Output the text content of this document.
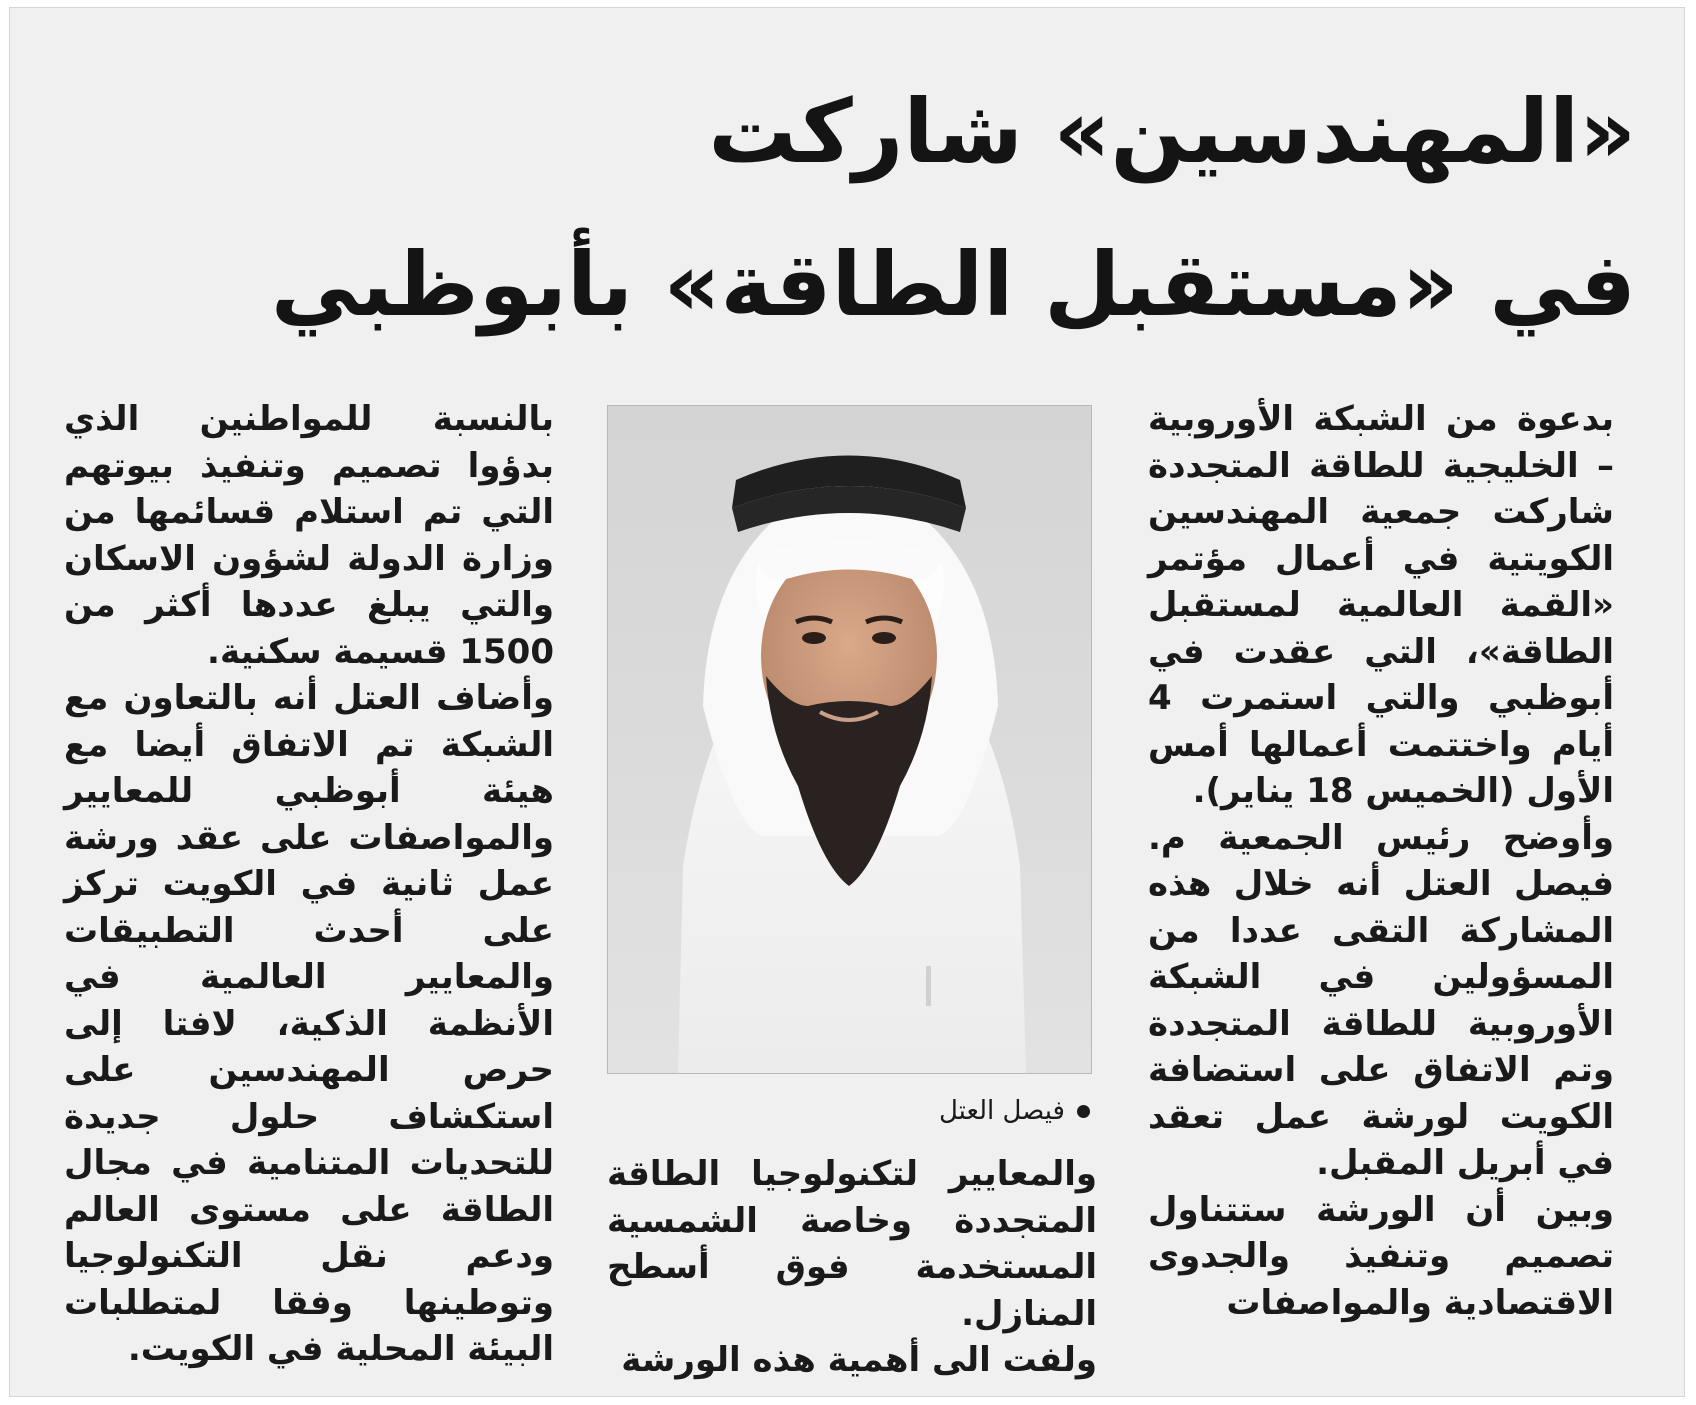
«المهندسين» شاركت
في «مستقبل الطاقة» بأبوظبي

بدعوة من الشبكة الأوروبية – الخليجية للطاقة المتجددة شاركت جمعية المهندسين الكويتية في أعمال مؤتمر «القمة العالمية لمستقبل الطاقة»، التي عقدت في أبوظبي والتي استمرت 4 أيام واختتمت أعمالها أمس الأول (الخميس 18 يناير).

وأوضح رئيس الجمعية م. فيصل العتل أنه خلال هذه المشاركة التقى عددا من المسؤولين في الشبكة الأوروبية للطاقة المتجددة وتم الاتفاق على استضافة الكويت لورشة عمل تعقد في أبريل المقبل.

وبين أن الورشة ستتناول تصميم وتنفيذ والجدوى الاقتصادية والمواصفات

فيصل العتل

والمعايير لتكنولوجيا الطاقة المتجددة وخاصة الشمسية المستخدمة فوق أسطح المنازل.

ولفت الى أهمية هذه الورشة

بالنسبة للمواطنين الذي بدؤوا تصميم وتنفيذ بيوتهم التي تم استلام قسائمها من وزارة الدولة لشؤون الاسكان والتي يبلغ عددها أكثر من 1500 قسيمة سكنية.

وأضاف العتل أنه بالتعاون مع الشبكة تم الاتفاق أيضا مع هيئة أبوظبي للمعايير والمواصفات على عقد ورشة عمل ثانية في الكويت تركز على أحدث التطبيقات والمعايير العالمية في الأنظمة الذكية، لافتا إلى حرص المهندسين على استكشاف حلول جديدة للتحديات المتنامية في مجال الطاقة على مستوى العالم ودعم نقل التكنولوجيا وتوطينها وفقا لمتطلبات البيئة المحلية في الكويت.
